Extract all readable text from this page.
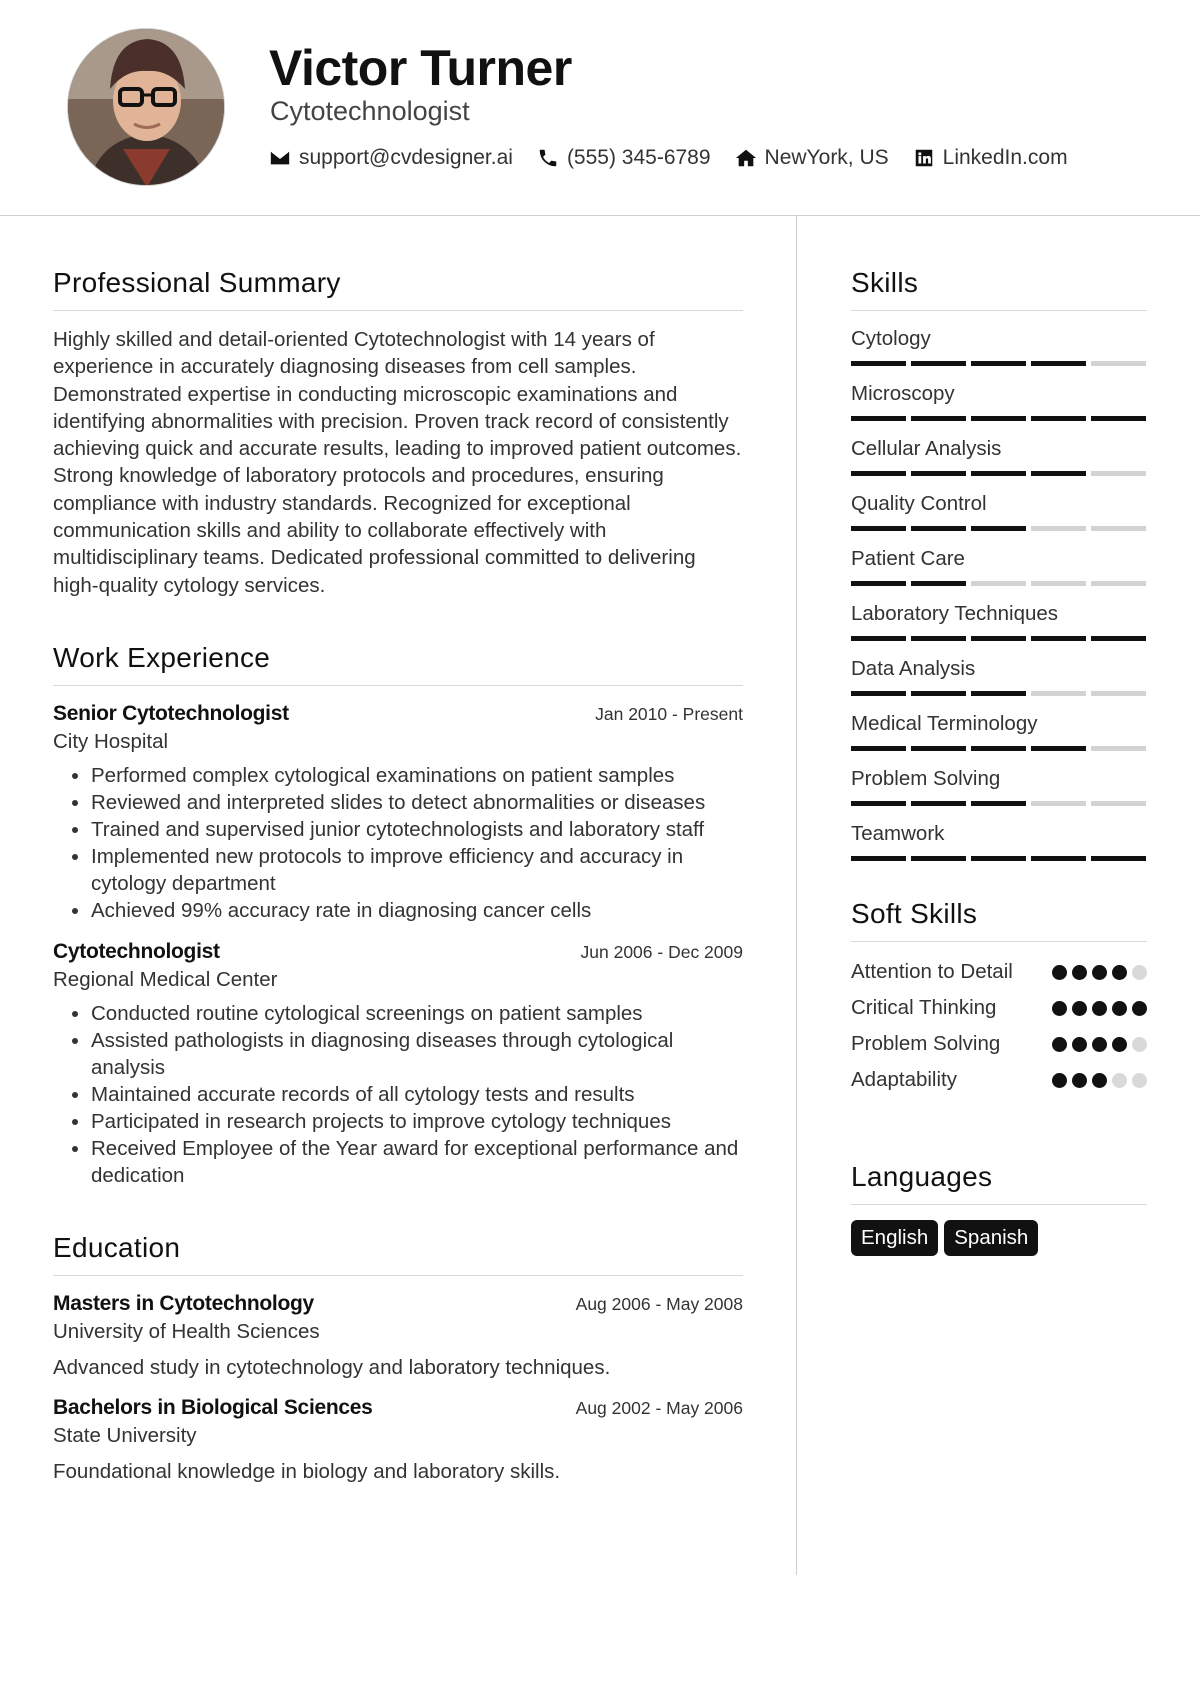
Victor Turner
Cytotechnologist
support@cvdesigner.ai	(555) 345-6789	NewYork, US	LinkedIn.com
Professional Summary

Highly skilled and detail-oriented Cytotechnologist with 14 years of experience in accurately diagnosing diseases from cell samples. Demonstrated expertise in conducting microscopic examinations and identifying abnormalities with precision. Proven track record of consistently achieving quick and accurate results, leading to improved patient outcomes. Strong knowledge of laboratory protocols and procedures, ensuring compliance with industry standards. Recognized for exceptional communication skills and ability to collaborate effectively with multidisciplinary teams. Dedicated professional committed to delivering high-quality cytology services.

Work Experience
Senior Cytotechnologist	Jan 2010 - Present
City Hospital
• Performed complex cytological examinations on patient samples
• Reviewed and interpreted slides to detect abnormalities or diseases
• Trained and supervised junior cytotechnologists and laboratory staff
• Implemented new protocols to improve efficiency and accuracy in cytology department
• Achieved 99% accuracy rate in diagnosing cancer cells
Cytotechnologist	Jun 2006 - Dec 2009
Regional Medical Center
• Conducted routine cytological screenings on patient samples
• Assisted pathologists in diagnosing diseases through cytological analysis
• Maintained accurate records of all cytology tests and results
• Participated in research projects to improve cytology techniques
• Received Employee of the Year award for exceptional performance and dedication
Education
Masters in Cytotechnology	Aug 2006 - May 2008
University of Health Sciences
Advanced study in cytotechnology and laboratory techniques.
Bachelors in Biological Sciences	Aug 2002 - May 2006
State University
Foundational knowledge in biology and laboratory skills.
Skills
Cytology
Microscopy
Cellular Analysis
Quality Control
Patient Care
Laboratory Techniques
Data Analysis
Medical Terminology
Problem Solving
Teamwork
Soft Skills
Attention to Detail
Critical Thinking
Problem Solving
Adaptability
Languages
English	Spanish
